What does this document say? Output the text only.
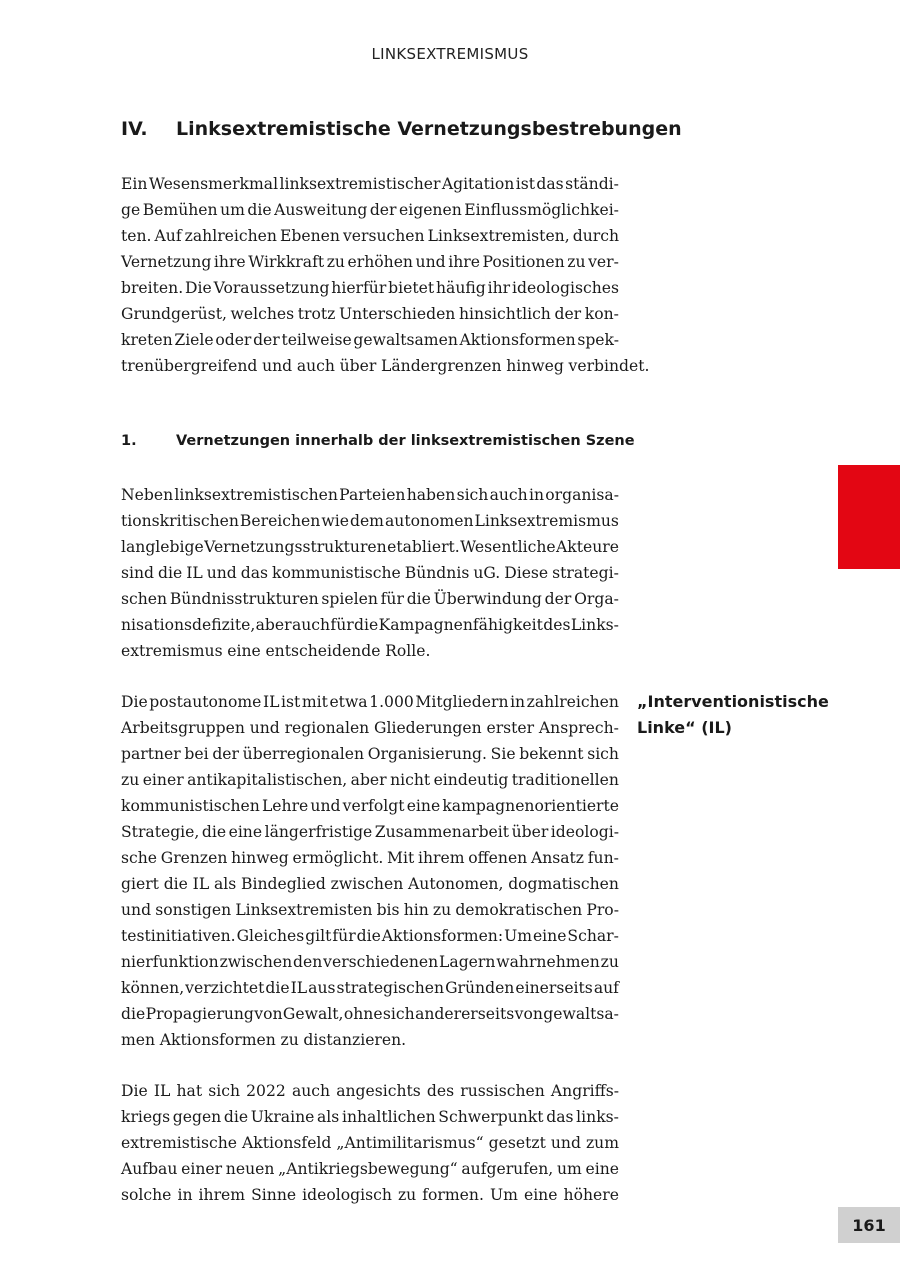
LINKSEXTREMISMUS
IV. Linksextremistische Vernetzungsbestrebungen
Ein Wesensmerkmal linksextremistischer Agitation ist das ständi-
ge Bemühen um die Ausweitung der eigenen Einflussmöglichkei-
ten. Auf zahlreichen Ebenen versuchen Linksextremisten, durch
Vernetzung ihre Wirkkraft zu erhöhen und ihre Positionen zu ver-
breiten. Die Voraussetzung hierfür bietet häufig ihr ideologisches
Grundgerüst, welches trotz Unterschieden hinsichtlich der kon-
kreten Ziele oder der teilweise gewaltsamen Aktionsformen spek-
trenübergreifend und auch über Ländergrenzen hinweg verbindet.
1.	Vernetzungen innerhalb der linksextremistischen Szene
Neben linksextremistischen Parteien haben sich auch in organisa-
tionskritischen Bereichen wie dem autonomen Linksextremismus
langlebige Vernetzungsstrukturen etabliert. Wesentliche Akteure
sind die IL und das kommunistische Bündnis uG. Diese strategi-
schen Bündnisstrukturen spielen für die Überwindung der Orga-
nisationsdefizite, aber auch für die Kampagnenfähigkeit des Links-
extremismus eine entscheidende Rolle.
Die postautonome IL ist mit etwa 1.000 Mitgliedern in zahlreichen
Arbeitsgruppen und regionalen Gliederungen erster Ansprech-
partner bei der überregionalen Organisierung. Sie bekennt sich
zu einer antikapitalistischen, aber nicht eindeutig traditionellen
kommunistischen Lehre und verfolgt eine kampagnenorientierte
Strategie, die eine längerfristige Zusammenarbeit über ideologi-
sche Grenzen hinweg ermöglicht. Mit ihrem offenen Ansatz fun-
giert die IL als Bindeglied zwischen Autonomen, dogmatischen
und sonstigen Linksextremisten bis hin zu demokratischen Pro-
testinitiativen. Gleiches gilt für die Aktionsformen: Um eine Schar-
nierfunktion zwischen den verschiedenen Lagern wahrnehmen zu
können, verzichtet die IL aus strategischen Gründen einerseits auf
die Propagierung von Gewalt, ohne sich andererseits von gewaltsa-
men Aktionsformen zu distanzieren.
Die IL hat sich 2022 auch angesichts des russischen Angriffs-
kriegs gegen die Ukraine als inhaltlichen Schwerpunkt das links-
extremistische Aktionsfeld „Antimilitarismus“ gesetzt und zum
Aufbau einer neuen „Antikriegsbewegung“ aufgerufen, um eine
solche in ihrem Sinne ideologisch zu formen. Um eine höhere
„Interventionistische
Linke“ (IL)
161
